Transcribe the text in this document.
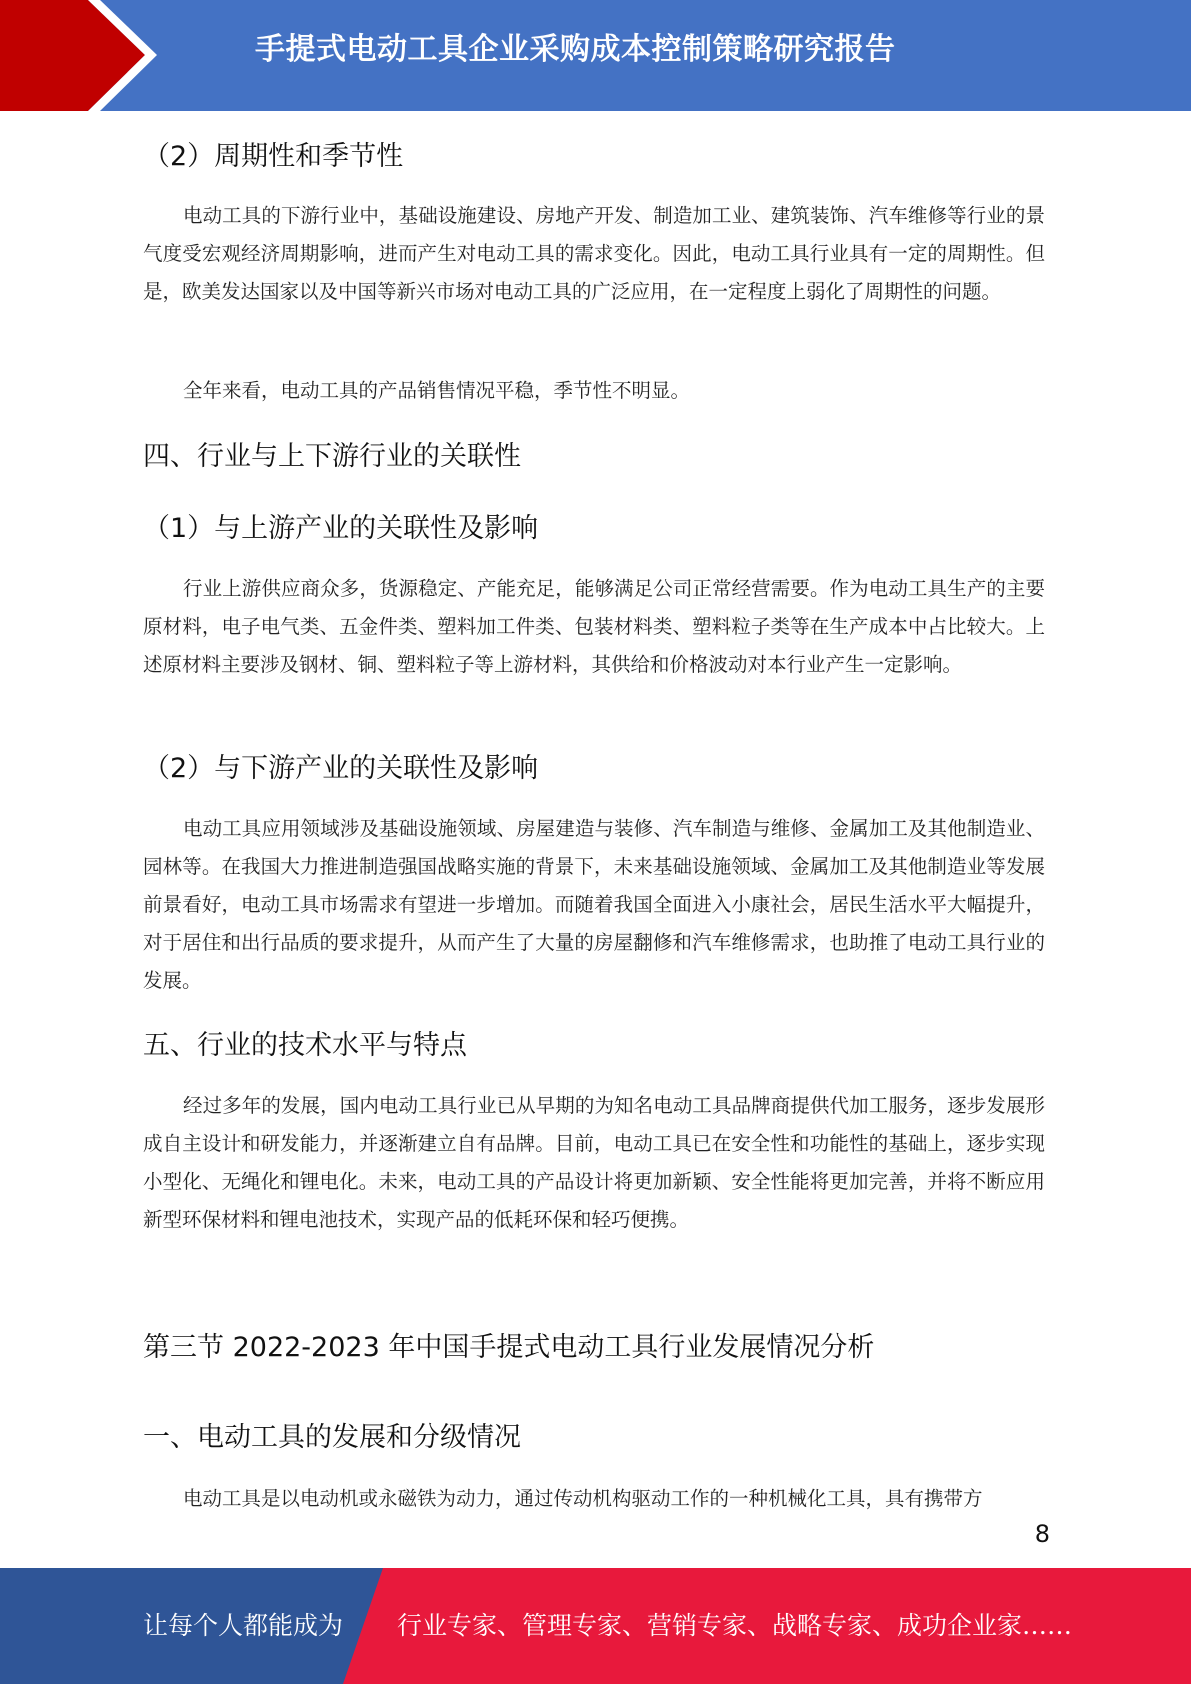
手提式电动工具企业采购成本控制策略研究报告
（2）周期性和季节性

电动工具的下游行业中，基础设施建设、房地产开发、制造加工业、建筑装饰、汽车维修等行业的景气度受宏观经济周期影响，进而产生对电动工具的需求变化。因此，电动工具行业具有一定的周期性。但是，欧美发达国家以及中国等新兴市场对电动工具的广泛应用，在一定程度上弱化了周期性的问题。

全年来看，电动工具的产品销售情况平稳，季节性不明显。

四、行业与上下游行业的关联性
（1）与上游产业的关联性及影响

行业上游供应商众多，货源稳定、产能充足，能够满足公司正常经营需要。作为电动工具生产的主要原材料，电子电气类、五金件类、塑料加工件类、包装材料类、塑料粒子类等在生产成本中占比较大。上述原材料主要涉及钢材、铜、塑料粒子等上游材料，其供给和价格波动对本行业产生一定影响。

（2）与下游产业的关联性及影响

电动工具应用领域涉及基础设施领域、房屋建造与装修、汽车制造与维修、金属加工及其他制造业、园林等。在我国大力推进制造强国战略实施的背景下，未来基础设施领域、金属加工及其他制造业等发展前景看好，电动工具市场需求有望进一步增加。而随着我国全面进入小康社会，居民生活水平大幅提升，对于居住和出行品质的要求提升，从而产生了大量的房屋翻修和汽车维修需求，也助推了电动工具行业的发展。

五、行业的技术水平与特点

经过多年的发展，国内电动工具行业已从早期的为知名电动工具品牌商提供代加工服务，逐步发展形成自主设计和研发能力，并逐渐建立自有品牌。目前，电动工具已在安全性和功能性的基础上，逐步实现小型化、无绳化和锂电化。未来，电动工具的产品设计将更加新颖、安全性能将更加完善，并将不断应用新型环保材料和锂电池技术，实现产品的低耗环保和轻巧便携。

第三节 2022-2023 年中国手提式电动工具行业发展情况分析
一、电动工具的发展和分级情况

电动工具是以电动机或永磁铁为动力，通过传动机构驱动工作的一种机械化工具，具有携带方

8
让每个人都能成为 行业专家、管理专家、营销专家、战略专家、成功企业家……
